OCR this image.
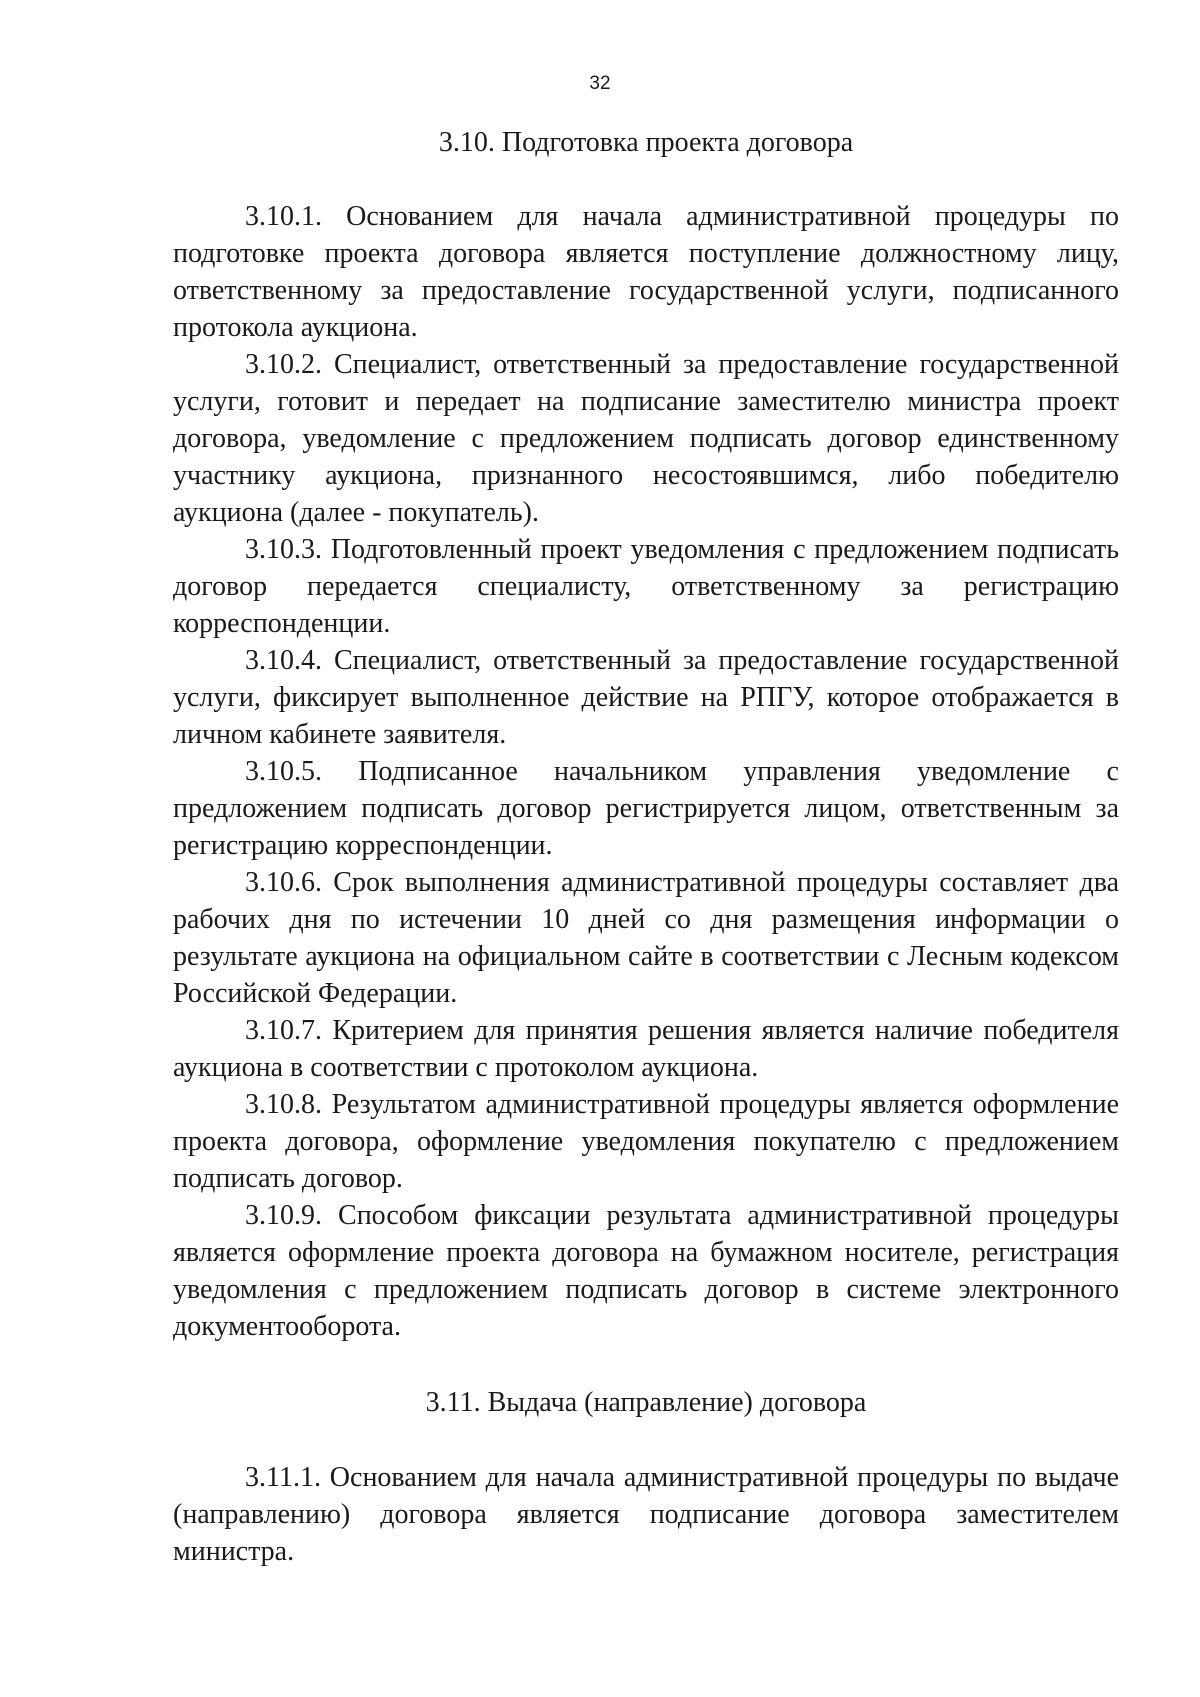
32

3.10. Подготовка проекта договора

3.10.1. Основанием для начала административной процедуры по подготовке проекта договора является поступление должностному лицу, ответственному за предоставление государственной услуги, подписанного протокола аукциона.

3.10.2. Специалист, ответственный за предоставление государственной услуги, готовит и передает на подписание заместителю министра проект договора, уведомление с предложением подписать договор единственному участнику аукциона, признанного несостоявшимся, либо победителю аукциона (далее - покупатель).

3.10.3. Подготовленный проект уведомления с предложением подписать договор передается специалисту, ответственному за регистрацию корреспонденции.

3.10.4. Специалист, ответственный за предоставление государственной услуги, фиксирует выполненное действие на РПГУ, которое отображается в личном кабинете заявителя.

3.10.5. Подписанное начальником управления уведомление с предложением подписать договор регистрируется лицом, ответственным за регистрацию корреспонденции.

3.10.6. Срок выполнения административной процедуры составляет два рабочих дня по истечении 10 дней со дня размещения информации о результате аукциона на официальном сайте в соответствии с Лесным кодексом Российской Федерации.

3.10.7. Критерием для принятия решения является наличие победителя аукциона в соответствии с протоколом аукциона.

3.10.8. Результатом административной процедуры является оформление проекта договора, оформление уведомления покупателю с предложением подписать договор.

3.10.9. Способом фиксации результата административной процедуры является оформление проекта договора на бумажном носителе, регистрация уведомления с предложением подписать договор в системе электронного документооборота.

3.11. Выдача (направление) договора

3.11.1. Основанием для начала административной процедуры по выдаче (направлению) договора является подписание договора заместителем министра.
